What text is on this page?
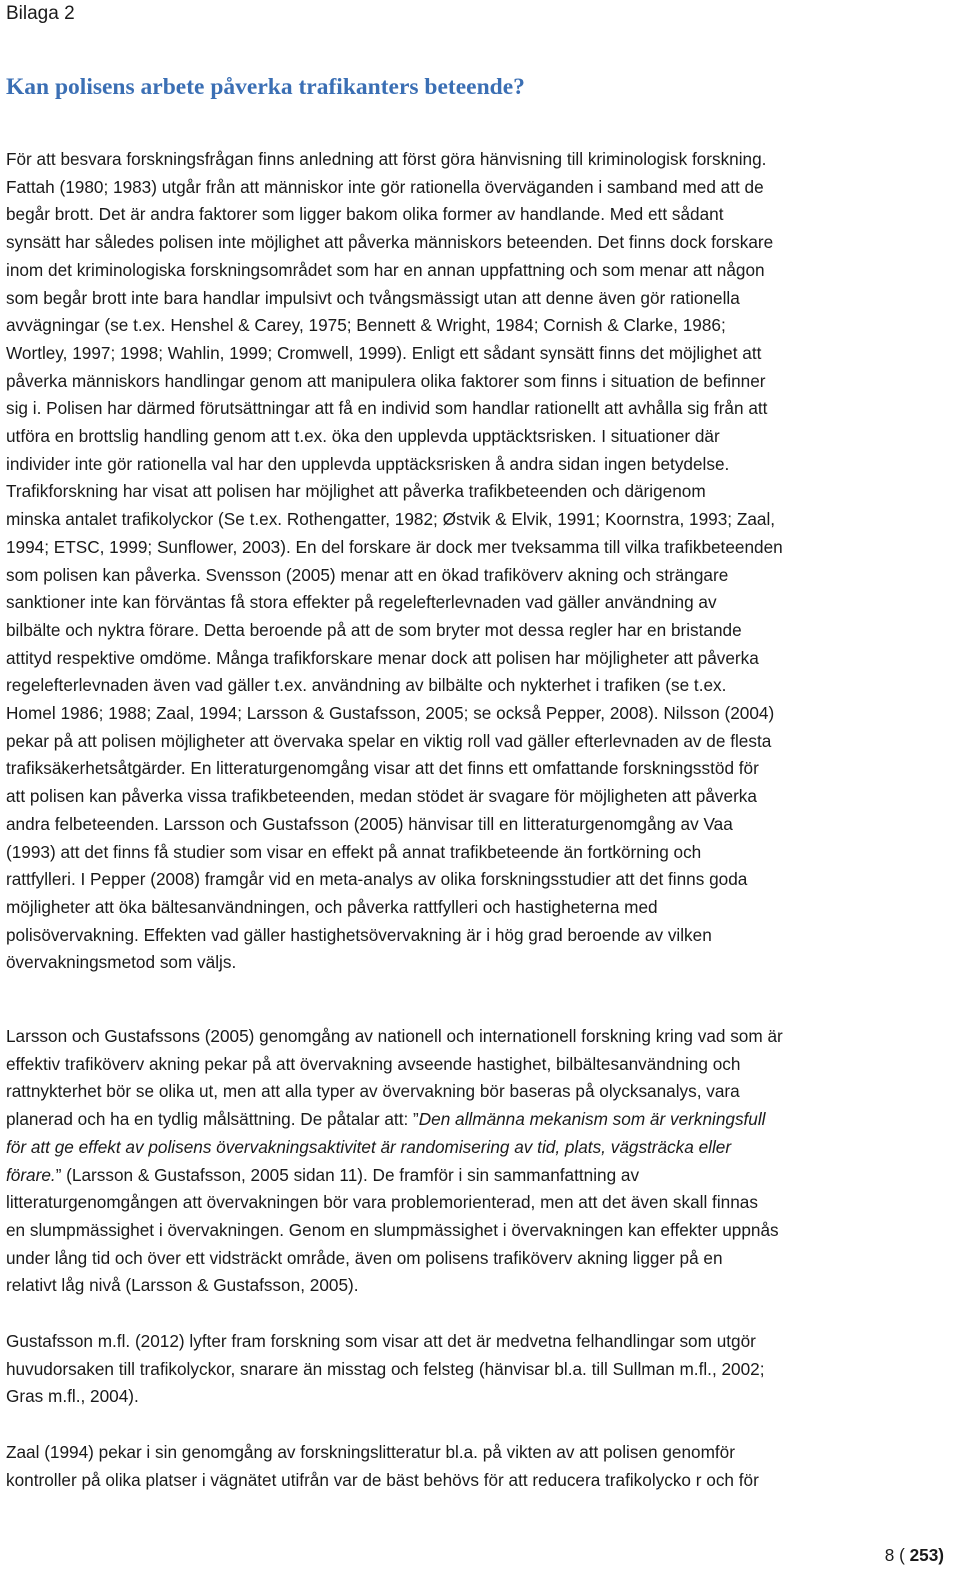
Bilaga 2
Kan polisens arbete påverka trafikanters beteende?
För att besvara forskningsfrågan finns anledning att först göra hänvisning till kriminologisk forskning.
Fattah (1980; 1983) utgår från att människor inte gör rationella överväganden i samband med att de
begår brott. Det är andra faktorer som ligger bakom olika former av handlande. Med ett sådant
synsätt har således polisen inte möjlighet att påverka människors beteenden. Det finns dock forskare
inom det kriminologiska forskningsområdet som har en annan uppfattning och som menar att någon
som begår brott inte bara handlar impulsivt och tvångsmässigt utan att denne även gör rationella
avvägningar (se t.ex. Henshel & Carey, 1975; Bennett & Wright, 1984; Cornish & Clarke, 1986;
Wortley, 1997; 1998; Wahlin, 1999; Cromwell, 1999). Enligt ett sådant synsätt finns det möjlighet att
påverka människors handlingar genom att manipulera olika faktorer som finns i situation de befinner
sig i. Polisen har därmed förutsättningar att få en individ som handlar rationellt att avhålla sig från att
utföra en brottslig handling genom att t.ex. öka den upplevda upptäcktsrisken. I situationer där
individer inte gör rationella val har den upplevda upptäcksrisken å andra sidan ingen betydelse.
Trafikforskning har visat att polisen har möjlighet att påverka trafikbeteenden och därigenom
minska antalet trafikolyckor (Se t.ex. Rothengatter, 1982; Østvik & Elvik, 1991; Koornstra, 1993; Zaal,
1994; ETSC, 1999; Sunflower, 2003). En del forskare är dock mer tveksamma till vilka trafikbeteenden
som polisen kan påverka. Svensson (2005) menar att en ökad trafiköverv akning och strängare
sanktioner inte kan förväntas få stora effekter på regelefterlevnaden vad gäller användning av
bilbälte och nyktra förare. Detta beroende på att de som bryter mot dessa regler har en bristande
attityd respektive omdöme. Många trafikforskare menar dock att polisen har möjligheter att påverka
regelefterlevnaden även vad gäller t.ex. användning av bilbälte och nykterhet i trafiken (se t.ex.
Homel 1986; 1988; Zaal, 1994; Larsson & Gustafsson, 2005; se också Pepper, 2008). Nilsson (2004)
pekar på att polisen möjligheter att övervaka spelar en viktig roll vad gäller efterlevnaden av de flesta
trafiksäkerhetsåtgärder. En litteraturgenomgång visar att det finns ett omfattande forskningsstöd för
att polisen kan påverka vissa trafikbeteenden, medan stödet är svagare för möjligheten att påverka
andra felbeteenden. Larsson och Gustafsson (2005) hänvisar till en litteraturgenomgång av Vaa
(1993) att det finns få studier som visar en effekt på annat trafikbeteende än fortkörning och
rattfylleri. I Pepper (2008) framgår vid en meta-analys av olika forskningsstudier att det finns goda
möjligheter att öka bältesanvändningen, och påverka rattfylleri och hastigheterna med
polisövervakning. Effekten vad gäller hastighetsövervakning är i hög grad beroende av vilken
övervakningsmetod som väljs.
Larsson och Gustafssons (2005) genomgång av nationell och internationell forskning kring vad som är
effektiv trafiköverv akning pekar på att övervakning avseende hastighet, bilbältesanvändning och
rattnykterhet bör se olika ut, men att alla typer av övervakning bör baseras på olycksanalys, vara
planerad och ha en tydlig målsättning. De påtalar att: ”Den allmänna mekanism som är verkningsfull
för att ge effekt av polisens övervakningsaktivitet är randomisering av tid, plats, vägsträcka eller
förare.” (Larsson & Gustafsson, 2005 sidan 11). De framför i sin sammanfattning av
litteraturgenomgången att övervakningen bör vara problemorienterad, men att det även skall finnas
en slumpmässighet i övervakningen. Genom en slumpmässighet i övervakningen kan effekter uppnås
under lång tid och över ett vidsträckt område, även om polisens trafiköverv akning ligger på en
relativt låg nivå (Larsson & Gustafsson, 2005).
Gustafsson m.fl. (2012) lyfter fram forskning som visar att det är medvetna felhandlingar som utgör
huvudorsaken till trafikolyckor, snarare än misstag och felsteg (hänvisar bl.a. till Sullman m.fl., 2002;
Gras m.fl., 2004).
Zaal (1994) pekar i sin genomgång av forskningslitteratur bl.a. på vikten av att polisen genomför
kontroller på olika platser i vägnätet utifrån var de bäst behövs för att reducera trafikolycko r och för
8 ( 253)
